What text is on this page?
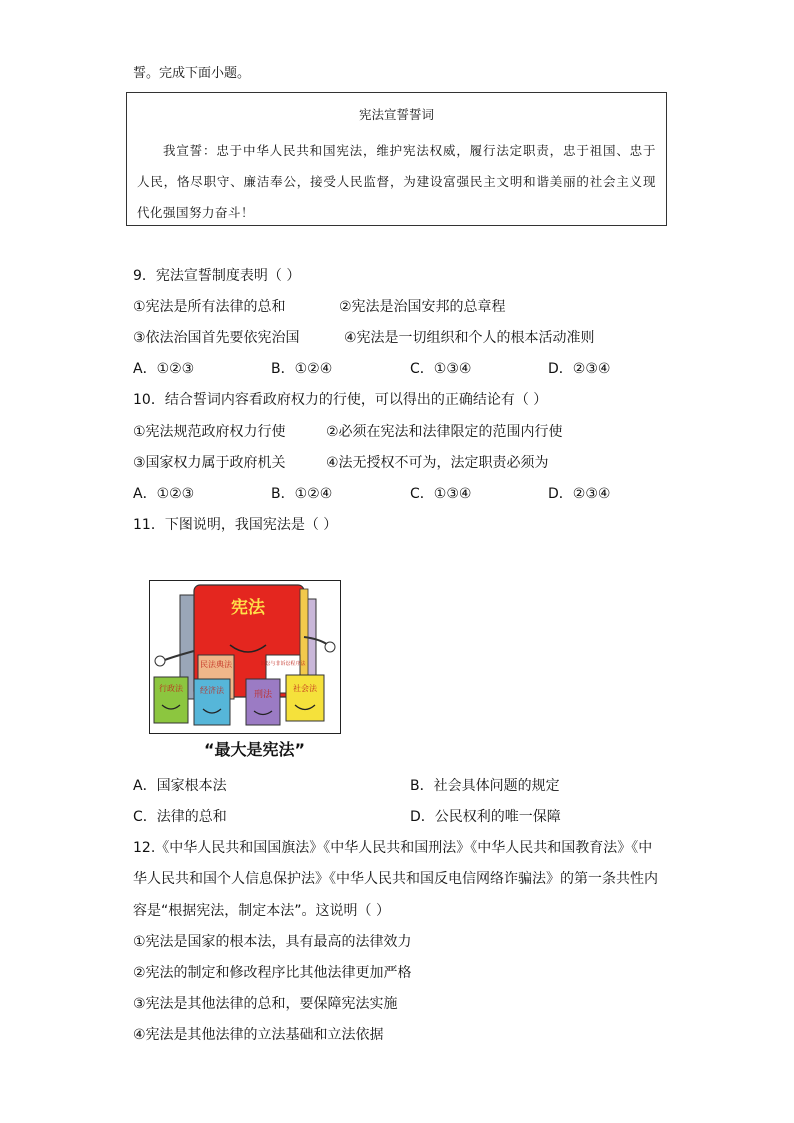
誓。完成下面小题。
宪法宣誓誓词
我宣誓：忠于中华人民共和国宪法，维护宪法权威，履行法定职责，忠于祖国、忠于人民，恪尽职守、廉洁奉公，接受人民监督，为建设富强民主文明和谐美丽的社会主义现代化强国努力奋斗！
9．宪法宣誓制度表明（ ）
①宪法是所有法律的总和	②宪法是治国安邦的总章程
③依法治国首先要依宪治国	④宪法是一切组织和个人的根本活动准则
A．①②③	B．①②④	C．①③④	D．②③④
10．结合誓词内容看政府权力的行使，可以得出的正确结论有（ ）
①宪法规范政府权力行使	②必须在宪法和法律限定的范围内行使
③国家权力属于政府机关	④法无授权不可为，法定职责必须为
A．①②③	B．①②④	C．①③④	D．②③④
11．下图说明，我国宪法是（ ）
宪法
民法典法	诉讼与非诉讼程序法
行政法 经济法	刑法
社会法
“最大是宪法”
A．国家根本法	B．社会具体问题的规定
C．法律的总和	D．公民权利的唯一保障
12.《中华人民共和国国旗法》《中华人民共和国刑法》《中华人民共和国教育法》《中
华人民共和国个人信息保护法》《中华人民共和国反电信网络诈骗法》的第一条共性内
容是“根据宪法，制定本法”。这说明（ ）
①宪法是国家的根本法，具有最高的法律效力
②宪法的制定和修改程序比其他法律更加严格
③宪法是其他法律的总和，要保障宪法实施
④宪法是其他法律的立法基础和立法依据
